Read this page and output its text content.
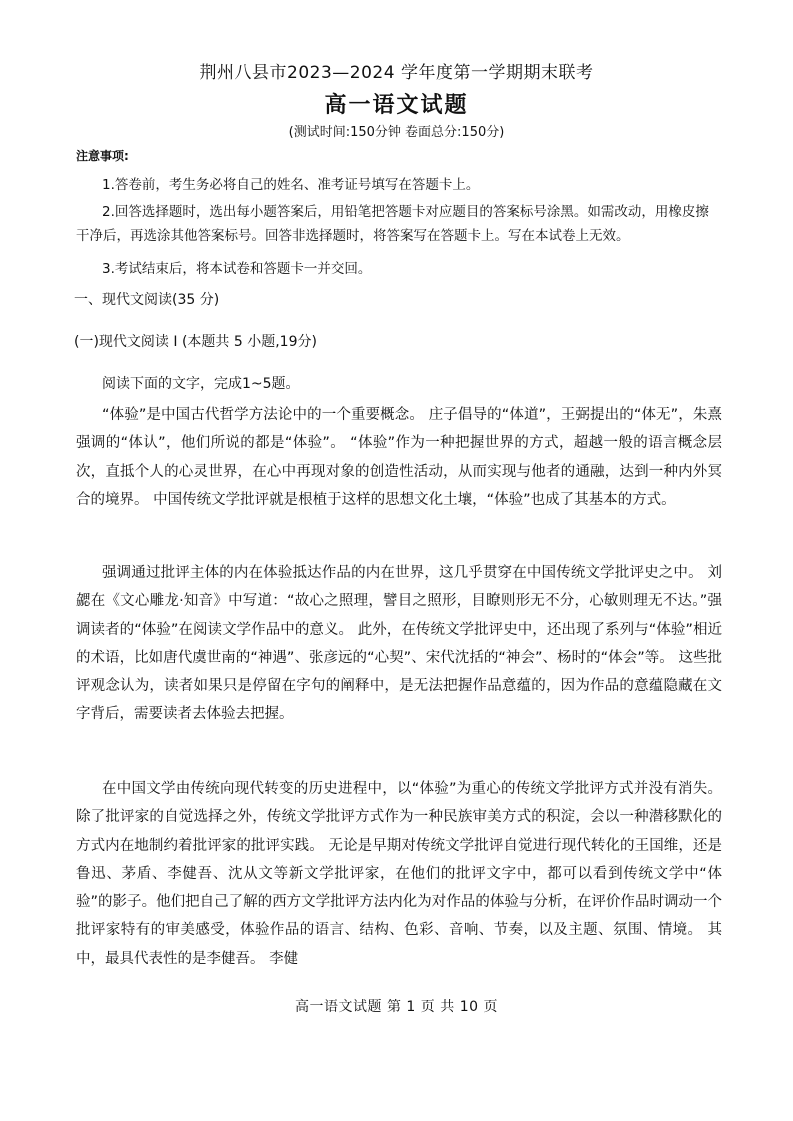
荆州八县市2023—2024 学年度第一学期期末联考
高一语文试题
(测试时间:150分钟 卷面总分:150分)
注意事项:

1.答卷前，考生务必将自己的姓名、准考证号填写在答题卡上。

2.回答选择题时，选出每小题答案后，用铅笔把答题卡对应题目的答案标号涂黑。如需改动，用橡皮擦干净后，再选涂其他答案标号。回答非选择题时，将答案写在答题卡上。写在本试卷上无效。

3.考试结束后，将本试卷和答题卡一并交回。

一、现代文阅读(35 分)
(一)现代文阅读 Ⅰ (本题共 5 小题,19分)
阅读下面的文字，完成1~5题。

“体验”是中国古代哲学方法论中的一个重要概念。 庄子倡导的“体道”，王弼提出的“体无”，朱熹强调的“体认”，他们所说的都是“体验”。 “体验”作为一种把握世界的方式，超越一般的语言概念层次，直抵个人的心灵世界，在心中再现对象的创造性活动，从而实现与他者的通融，达到一种内外冥合的境界。 中国传统文学批评就是根植于这样的思想文化土壤，“体验”也成了其基本的方式。

强调通过批评主体的内在体验抵达作品的内在世界，这几乎贯穿在中国传统文学批评史之中。 刘勰在《文心雕龙·知音》中写道：“故心之照理，譬目之照形，目瞭则形无不分，心敏则理无不达。”强调读者的“体验”在阅读文学作品中的意义。 此外，在传统文学批评史中，还出现了系列与“体验”相近的术语，比如唐代虞世南的“神遇”、张彦远的“心契”、宋代沈括的“神会”、杨时的“体会”等。 这些批评观念认为，读者如果只是停留在字句的阐释中，是无法把握作品意蕴的，因为作品的意蕴隐藏在文字背后，需要读者去体验去把握。

在中国文学由传统向现代转变的历史进程中，以“体验”为重心的传统文学批评方式并没有消失。除了批评家的自觉选择之外，传统文学批评方式作为一种民族审美方式的积淀，会以一种潜移默化的方式内在地制约着批评家的批评实践。 无论是早期对传统文学批评自觉进行现代转化的王国维，还是鲁迅、茅盾、李健吾、沈从文等新文学批评家，在他们的批评文字中，都可以看到传统文学中“体验”的影子。他们把自己了解的西方文学批评方法内化为对作品的体验与分析，在评价作品时调动一个批评家特有的审美感受，体验作品的语言、结构、色彩、音响、节奏，以及主题、氛围、情境。 其中，最具代表性的是李健吾。 李健

高一语文试题 第 1 页 共 10 页
